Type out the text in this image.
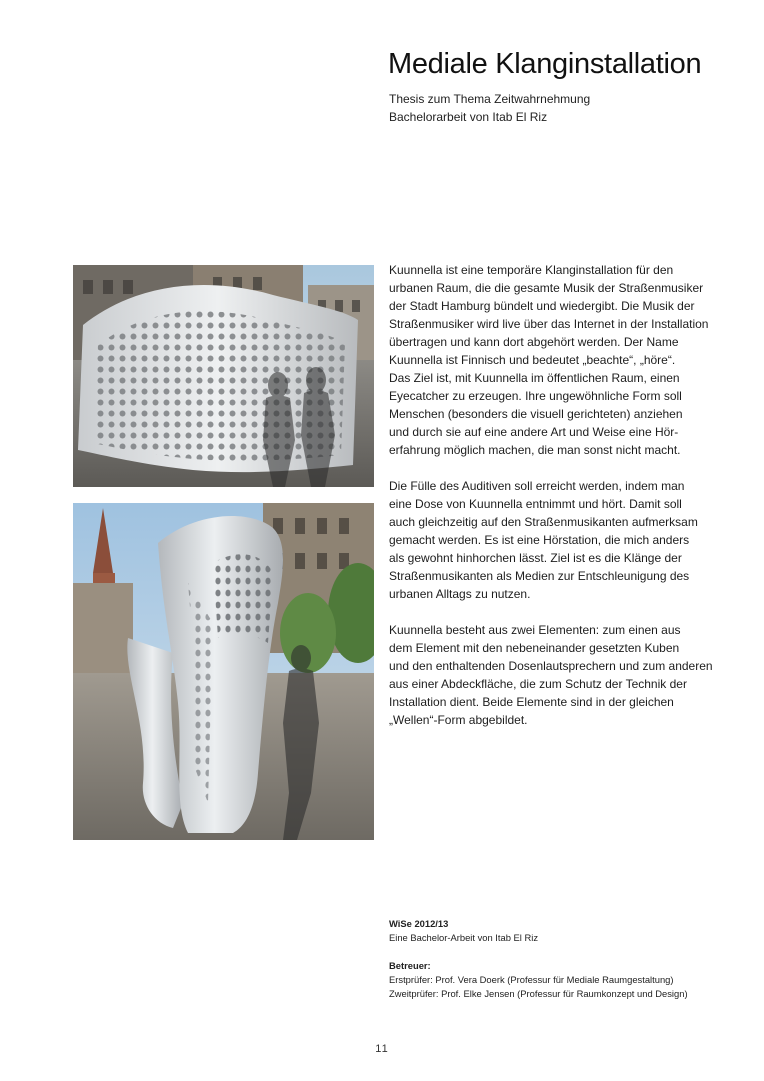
Mediale Klanginstallation
Thesis zum Thema Zeitwahrnehmung
Bachelorarbeit von Itab El Riz

Kuunnella ist eine temporäre Klanginstallation für den
urbanen Raum, die die gesamte Musik der Straßenmusiker
der Stadt Hamburg bündelt und wiedergibt. Die Musik der
Straßenmusiker wird live über das Internet in der Installation
übertragen und kann dort abgehört werden. Der Name
Kuunnella ist Finnisch und bedeutet „beachte“, „höre“.
Das Ziel ist, mit Kuunnella im öffentlichen Raum, einen
Eyecatcher zu erzeugen. Ihre ungewöhnliche Form soll
Menschen (besonders die visuell gerichteten) anziehen
und durch sie auf eine andere Art und Weise eine Hör-
erfahrung möglich machen, die man sonst nicht macht.

Die Fülle des Auditiven soll erreicht werden, indem man
eine Dose von Kuunnella entnimmt und hört. Damit soll
auch gleichzeitig auf den Straßenmusikanten aufmerksam
gemacht werden. Es ist eine Hörstation, die mich anders
als gewohnt hinhorchen lässt. Ziel ist es die Klänge der
Straßenmusikanten als Medien zur Entschleunigung des
urbanen Alltags zu nutzen.

Kuunnella besteht aus zwei Elementen: zum einen aus
dem Element mit den nebeneinander gesetzten Kuben
und den enthaltenden Dosenlautsprechern und zum anderen
aus einer Abdeckfläche, die zum Schutz der Technik der
Installation dient. Beide Elemente sind in der gleichen
„Wellen“-Form abgebildet.

WiSe 2012/13
Eine Bachelor-Arbeit von Itab El Riz
Betreuer:
Erstprüfer: Prof. Vera Doerk (Professur für Mediale Raumgestaltung)
Zweitprüfer: Prof. Elke Jensen (Professur für Raumkonzept und Design)
11
